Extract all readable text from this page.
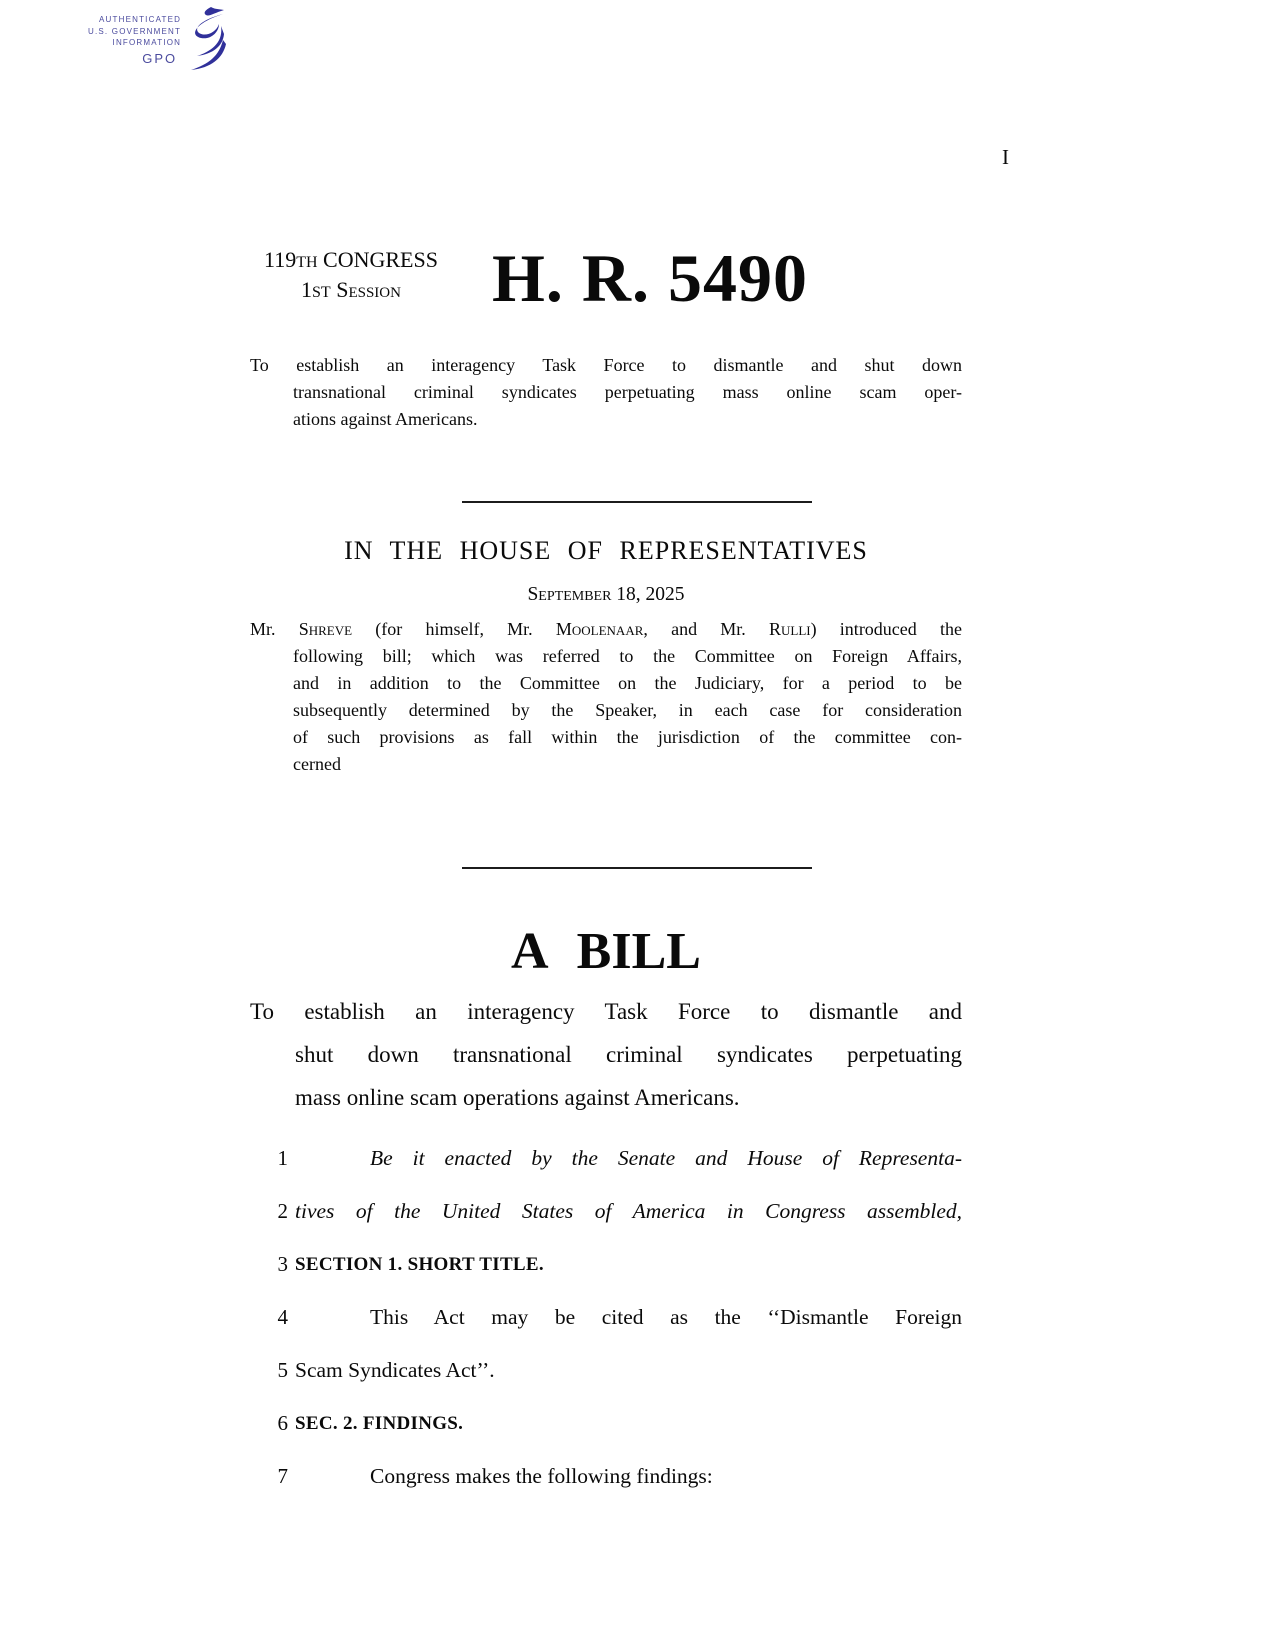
AUTHENTICATED
U.S. GOVERNMENT
INFORMATION
GPO
I
119TH CONGRESS
1ST Session	H. R. 5490
To establish an interagency Task Force to dismantle and shut down
transnational criminal syndicates perpetuating mass online scam oper-
ations against Americans.
IN THE HOUSE OF REPRESENTATIVES
September 18, 2025
Mr. Shreve (for himself, Mr. Moolenaar, and Mr. Rulli) introduced the
following bill; which was referred to the Committee on Foreign Affairs,
and in addition to the Committee on the Judiciary, for a period to be
subsequently determined by the Speaker, in each case for consideration
of such provisions as fall within the jurisdiction of the committee con-
cerned
A BILL
To establish an interagency Task Force to dismantle and
shut down transnational criminal syndicates perpetuating
mass online scam operations against Americans.
1	Be it enacted by the Senate and House of Representa-
2 tives of the United States of America in Congress assembled,
3 SECTION 1. SHORT TITLE.
4	This Act may be cited as the ‘‘Dismantle Foreign
5 Scam Syndicates Act’’.
6 SEC. 2. FINDINGS.
7	Congress makes the following findings:
